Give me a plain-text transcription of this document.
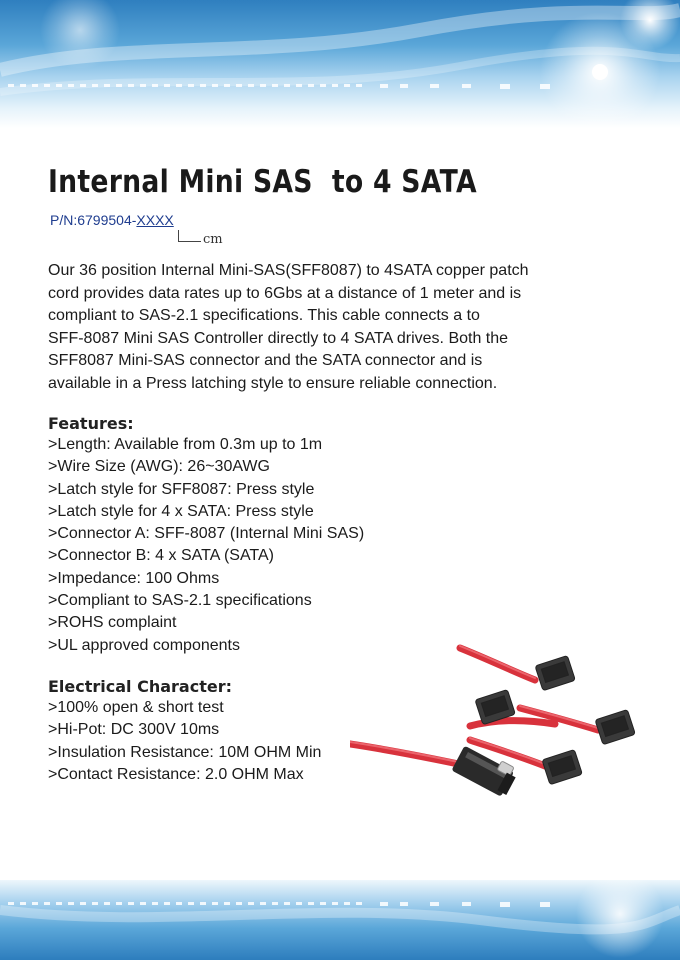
Internal Mini SAS  to 4 SATA
P/N:6799504-XXXX
cm

Our 36 position Internal Mini-SAS(SFF8087) to 4SATA copper patch
cord provides data rates up to 6Gbs at a distance of 1 meter and is
compliant to SAS-2.1 specifications. This cable connects a to
SFF-8087 Mini SAS Controller directly to 4 SATA drives. Both the
SFF8087 Mini-SAS connector and the SATA connector and is
available in a Press latching style to ensure reliable connection.

Features:
>Length: Available from 0.3m up to 1m
>Wire Size (AWG): 26~30AWG
>Latch style for SFF8087: Press style
>Latch style for 4 x SATA: Press style
>Connector A: SFF-8087 (Internal Mini SAS)
>Connector B: 4 x SATA (SATA)
>Impedance: 100 Ohms
>Compliant to SAS-2.1 specifications
>ROHS complaint
>UL approved components
Electrical Character:
>100% open & short test
>Hi-Pot: DC 300V 10ms
>Insulation Resistance: 10M OHM Min
>Contact Resistance: 2.0 OHM Max
